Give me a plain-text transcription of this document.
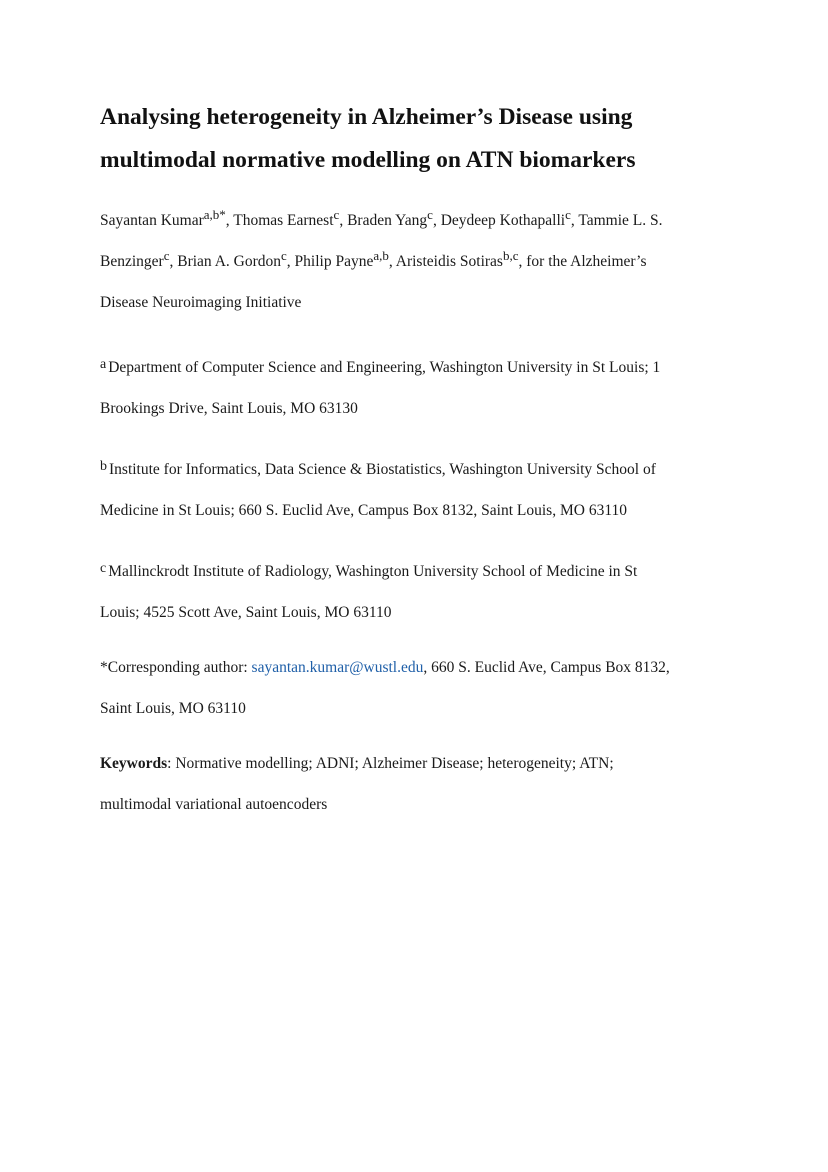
Analysing heterogeneity in Alzheimer’s Disease using
multimodal normative modelling on ATN biomarkers
Sayantan Kumar$^{a,b*}$, Thomas Earnest$^c$, Braden Yang$^c$, Deydeep Kothapalli$^c$, Tammie L. S.
Benzinger$^c$, Brian A. Gordon$^c$, Philip Payne$^{a,b}$, Aristeidis Sotiras$^{b,c}$, for the Alzheimer’s
Disease Neuroimaging Initiative
a Department of Computer Science and Engineering, Washington University in St Louis; 1
Brookings Drive, Saint Louis, MO 63130
b Institute for Informatics, Data Science & Biostatistics, Washington University School of
Medicine in St Louis; 660 S. Euclid Ave, Campus Box 8132, Saint Louis, MO 63110
c Mallinckrodt Institute of Radiology, Washington University School of Medicine in St
Louis; 4525 Scott Ave, Saint Louis, MO 63110
*Corresponding author: sayantan.kumar@wustl.edu, 660 S. Euclid Ave, Campus Box 8132,
Saint Louis, MO 63110
Keywords: Normative modelling; ADNI; Alzheimer Disease; heterogeneity; ATN;
multimodal variational autoencoders
